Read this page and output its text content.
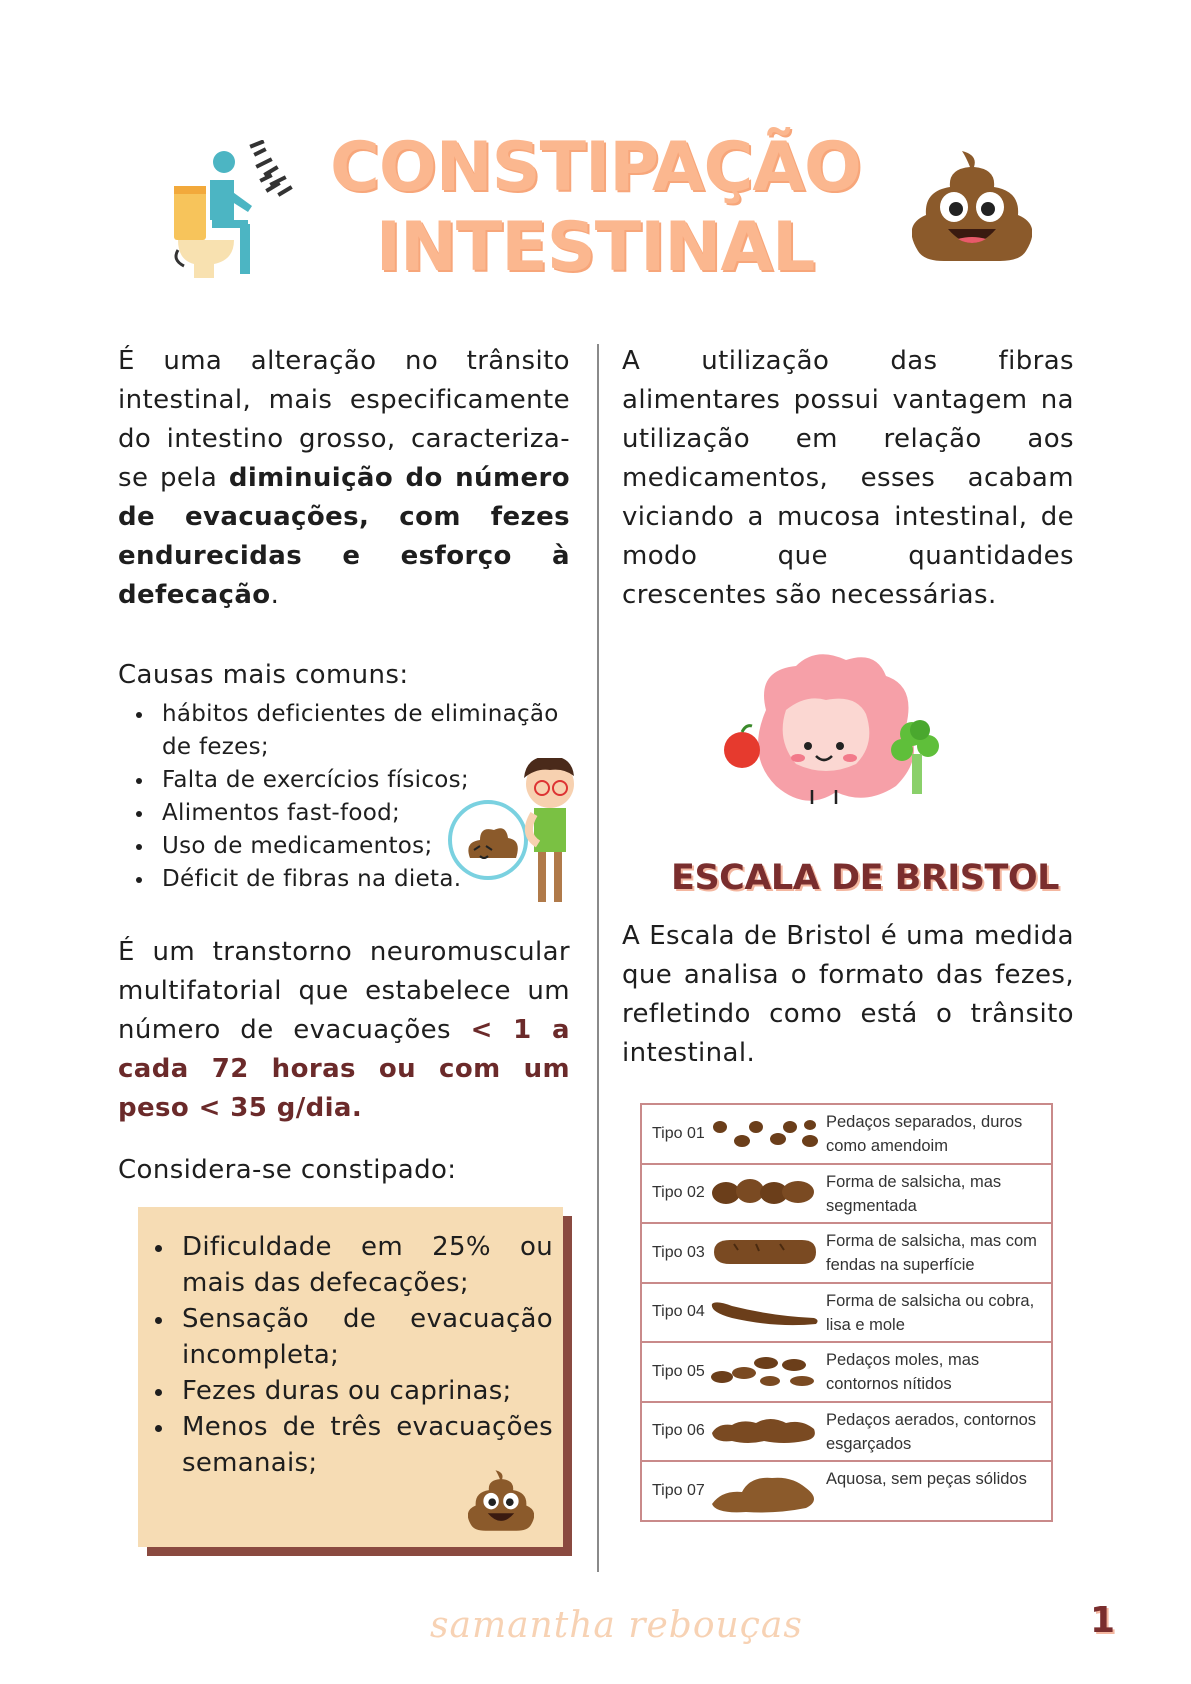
CONSTIPAÇÃO
INTESTINAL
É uma alteração no trânsito intestinal, mais especificamente do intestino grosso, caracteriza-se pela diminuição do número de evacuações, com fezes endurecidas e esforço à defecação.
Causas mais comuns:
hábitos deficientes de eliminação de fezes;
Falta de exercícios físicos;
Alimentos fast-food;
Uso de medicamentos;
Déficit de fibras na dieta.
É um transtorno neuromuscular multifatorial que estabelece um número de evacuações < 1 a cada 72 horas ou com um peso < 35 g/dia.
Considera-se constipado:
Dificuldade em 25% ou mais das defecações;
Sensação de evacuação incompleta;
Fezes duras ou caprinas;
Menos de três evacuações semanais;
A utilização das fibras alimentares possui vantagem na utilização em relação aos medicamentos, esses acabam viciando a mucosa intestinal, de modo que quantidades crescentes são necessárias.
ESCALA DE BRISTOL
A Escala de Bristol é uma medida que analisa o formato das fezes, refletindo como está o trânsito intestinal.
Tipo 01
Pedaços separados, duros como amendoim
Tipo 02
Forma de salsicha, mas segmentada
Tipo 03
Forma de salsicha, mas com fendas na superfície
Tipo 04
Forma de salsicha ou cobra, lisa e mole
Tipo 05
Pedaços moles, mas contornos nítidos
Tipo 06
Pedaços aerados, contornos esgarçados
Tipo 07
Aquosa, sem peças sólidos
samantha rebouças	1
